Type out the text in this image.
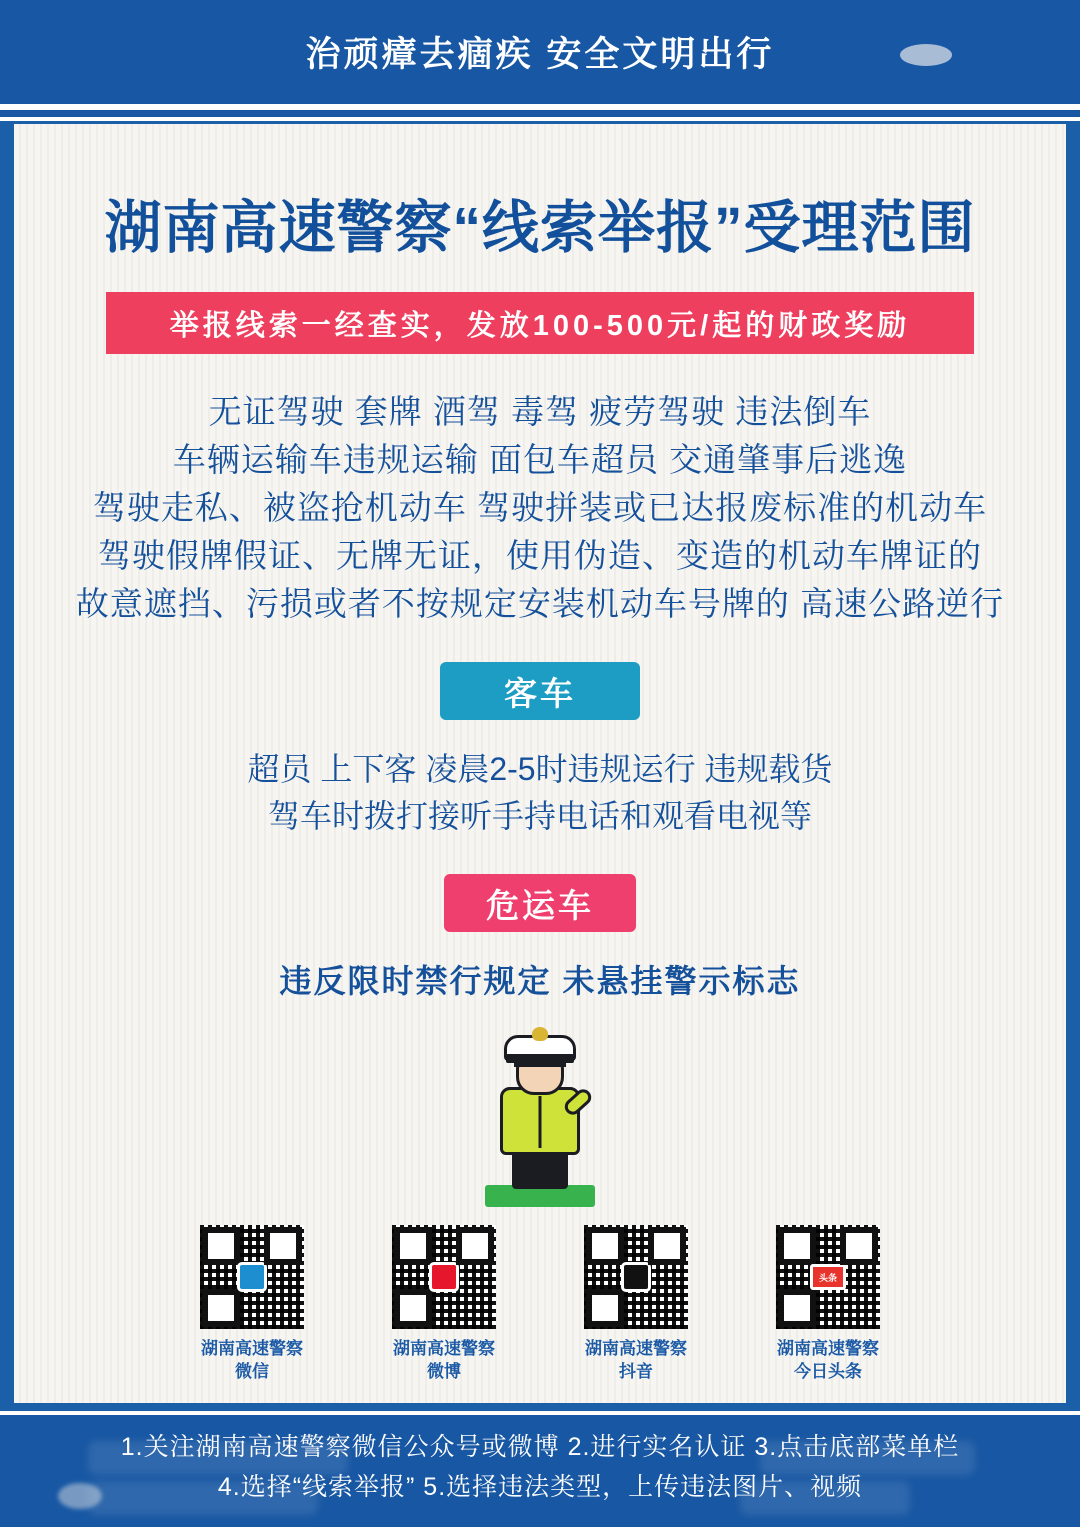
治顽瘴去痼疾 安全文明出行
湖南高速警察“线索举报”受理范围
举报线索一经查实，发放100-500元/起的财政奖励
无证驾驶 套牌 酒驾 毒驾 疲劳驾驶 违法倒车
车辆运输车违规运输 面包车超员 交通肇事后逃逸
驾驶走私、被盗抢机动车 驾驶拼装或已达报废标准的机动车
驾驶假牌假证、无牌无证，使用伪造、变造的机动车牌证的
故意遮挡、污损或者不按规定安装机动车号牌的 高速公路逆行
客车
超员 上下客 凌晨2-5时违规运行 违规载货
驾车时拨打接听手持电话和观看电视等
危运车
违反限时禁行规定 未悬挂警示标志
湖南高速警察
微信
湖南高速警察
微博
湖南高速警察
抖音
头条
湖南高速警察
今日头条
1.关注湖南高速警察微信公众号或微博 2.进行实名认证 3.点击底部菜单栏
4.选择“线索举报” 5.选择违法类型，上传违法图片、视频
